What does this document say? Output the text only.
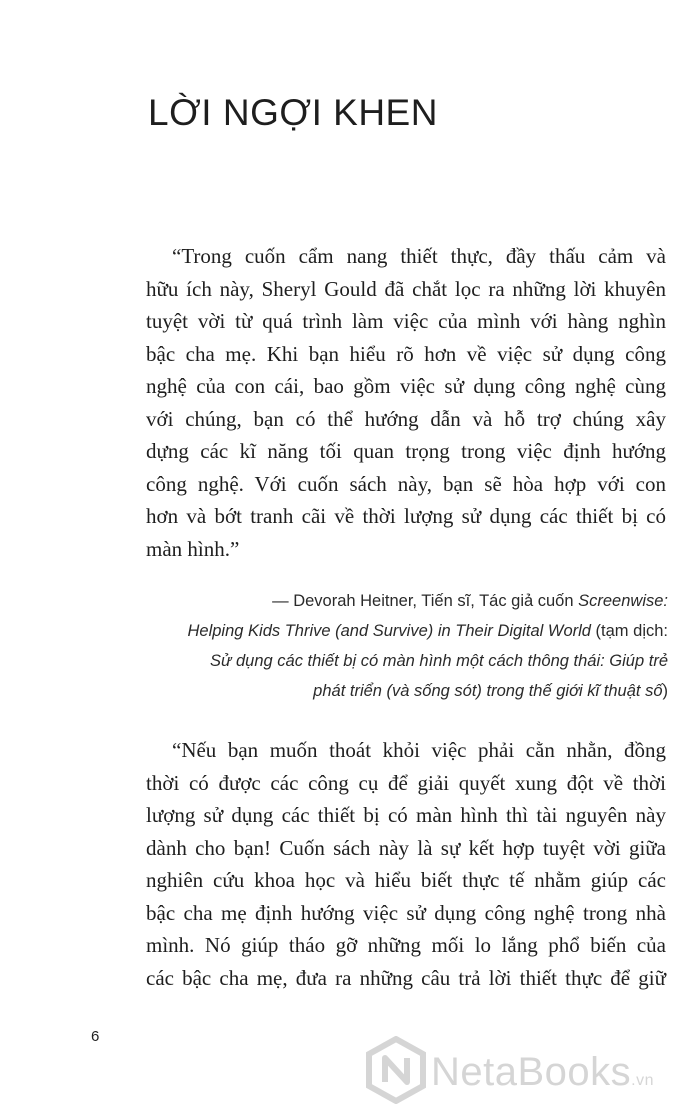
LỜI NGỢI KHEN
“Trong cuốn cẩm nang thiết thực, đầy thấu cảm và
hữu ích này, Sheryl Gould đã chắt lọc ra những lời khuyên
tuyệt vời từ quá trình làm việc của mình với hàng nghìn
bậc cha mẹ. Khi bạn hiểu rõ hơn về việc sử dụng công
nghệ của con cái, bao gồm việc sử dụng công nghệ cùng
với chúng, bạn có thể hướng dẫn và hỗ trợ chúng xây
dựng các kĩ năng tối quan trọng trong việc định hướng
công nghệ. Với cuốn sách này, bạn sẽ hòa hợp với con
hơn và bớt tranh cãi về thời lượng sử dụng các thiết bị có
màn hình.”
— Devorah Heitner, Tiến sĩ, Tác giả cuốn Screenwise:
Helping Kids Thrive (and Survive) in Their Digital World (tạm dịch:
Sử dụng các thiết bị có màn hình một cách thông thái: Giúp trẻ
phát triển (và sống sót) trong thế giới kĩ thuật số)
“Nếu bạn muốn thoát khỏi việc phải cằn nhằn, đồng
thời có được các công cụ để giải quyết xung đột về thời
lượng sử dụng các thiết bị có màn hình thì tài nguyên này
dành cho bạn! Cuốn sách này là sự kết hợp tuyệt vời giữa
nghiên cứu khoa học và hiểu biết thực tế nhằm giúp các
bậc cha mẹ định hướng việc sử dụng công nghệ trong nhà
mình. Nó giúp tháo gỡ những mối lo lắng phổ biến của
các bậc cha mẹ, đưa ra những câu trả lời thiết thực để giữ
6
NetaBooks.vn
